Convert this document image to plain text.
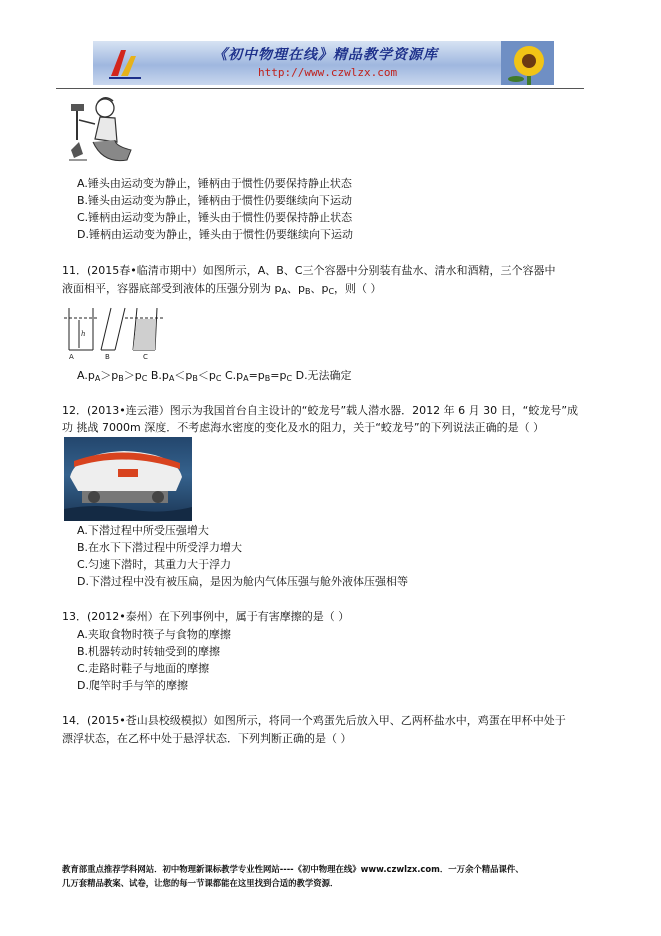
《初中物理在线》精品教学资源库
http://www.czwlzx.com
A.锤头由运动变为静止，锤柄由于惯性仍要保持静止状态
B.锤头由运动变为静止，锤柄由于惯性仍要继续向下运动
C.锤柄由运动变为静止，锤头由于惯性仍要保持静止状态
D.锤柄由运动变为静止，锤头由于惯性仍要继续向下运动
11．(2015春•临清市期中）如图所示，A、B、C三个容器中分别装有盐水、清水和酒精，三个容器中
液面相平，容器底部受到液体的压强分别为 $p_A$、$p_B$、$p_C$，则（ ）
A	B	C
h
$A.p_A>p_B>p_C$ $B.p_A<p_B<p_C$ $C.p_A=p_B=p_C$ D.无法确定
12．(2013•连云港）图示为我国首台自主设计的“蛟龙号”载人潜水器．2012 年 6 月 30 日，“蛟龙号”成
功 挑战 7000m 深度．不考虑海水密度的变化及水的阻力，关于“蛟龙号”的下列说法正确的是（ ）
A.下潜过程中所受压强增大
B.在水下下潜过程中所受浮力增大
C.匀速下潜时，其重力大于浮力
D.下潜过程中没有被压扁，是因为舱内气体压强与舱外液体压强相等
13．(2012•泰州）在下列事例中，属于有害摩擦的是（ ）
A.夹取食物时筷子与食物的摩擦
B.机器转动时转轴受到的摩擦
C.走路时鞋子与地面的摩擦
D.爬竿时手与竿的摩擦
14．(2015•苍山县校级模拟）如图所示，将同一个鸡蛋先后放入甲、乙两杯盐水中，鸡蛋在甲杯中处于
漂浮状态，在乙杯中处于悬浮状态．下列判断正确的是（ ）
教育部重点推荐学科网站．初中物理新课标教学专业性网站----《初中物理在线》www.czwlzx.com．一万余个精品课件、
几万套精品教案、试卷，让您的每一节课都能在这里找到合适的教学资源．
